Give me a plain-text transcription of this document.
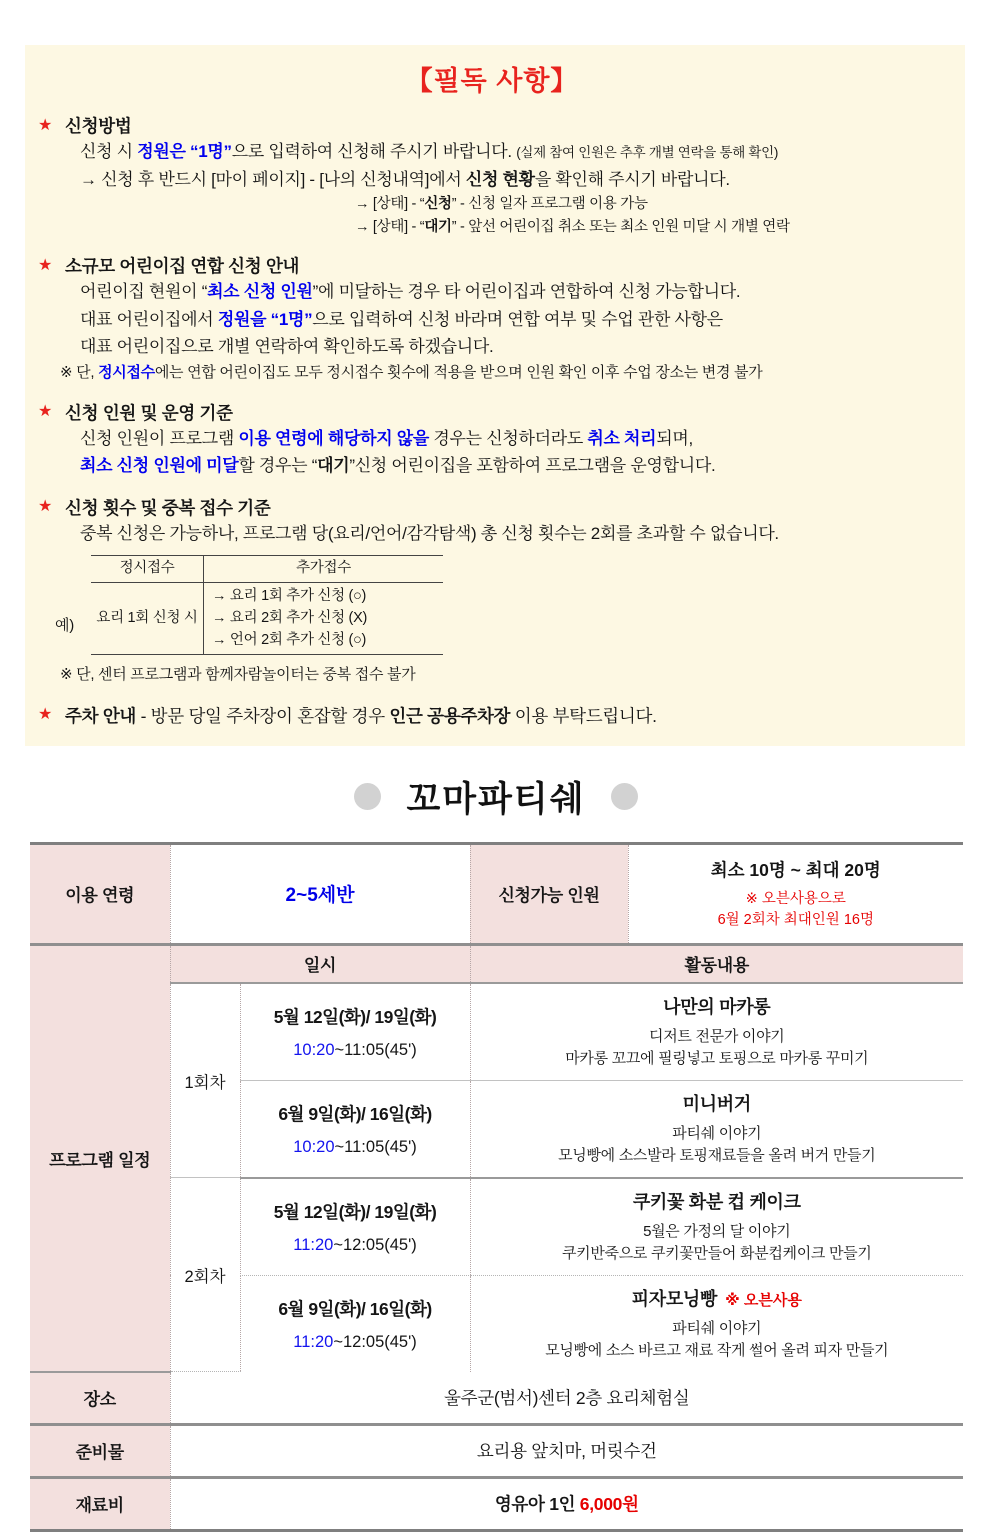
【필독 사항】
★ 신청방법
신청 시 정원은 “1명”으로 입력하여 신청해 주시기 바랍니다. (실제 참여 인원은 추후 개별 연락을 통해 확인)
→ 신청 후 반드시 [마이 페이지] - [나의 신청내역]에서 신청 현황을 확인해 주시기 바랍니다.
→ [상태] - “신청” - 신청 일자 프로그램 이용 가능
→ [상태] - “대기” - 앞선 어린이집 취소 또는 최소 인원 미달 시 개별 연락
★ 소규모 어린이집 연합 신청 안내
어린이집 현원이 “최소 신청 인원”에 미달하는 경우 타 어린이집과 연합하여 신청 가능합니다.
대표 어린이집에서 정원을 “1명”으로 입력하여 신청 바라며 연합 여부 및 수업 관한 사항은
대표 어린이집으로 개별 연락하여 확인하도록 하겠습니다.
※ 단, 정시접수에는 연합 어린이집도 모두 정시접수 횟수에 적용을 받으며 인원 확인 이후 수업 장소는 변경 불가
★ 신청 인원 및 운영 기준
신청 인원이 프로그램 이용 연령에 해당하지 않을 경우는 신청하더라도 취소 처리되며,
최소 신청 인원에 미달할 경우는 “대기”신청 어린이집을 포함하여 프로그램을 운영합니다.
★ 신청 횟수 및 중복 접수 기준
중복 신청은 가능하나, 프로그램 당(요리/언어/감각탐색) 총 신청 횟수는 2회를 초과할 수 없습니다.
정시접수	추가접수
예)	요리 1회 신청 시
→ 요리 1회 추가 신청 (○)
→ 요리 2회 추가 신청 (X)
→ 언어 2회 추가 신청 (○)
※ 단, 센터 프로그램과 함께자람놀이터는 중복 접수 불가
★ 주차 안내 - 방문 당일 주차장이 혼잡할 경우 인근 공용주차장 이용 부탁드립니다.
꼬마파티쉐
이용 연령	2~5세반		신청가능 인원	최소 10명 ~ 최대 20명
※ 오븐사용으로
6월 2회차 최대인원 16명

프로그램 일정	일시		활동내용	
1회차	
5월 12일(화)/ 19일(화)
10:20~11:05(45')

나만의 마카롱
디저트 전문가 이야기
마카롱 꼬끄에 필링넣고 토핑으로 마카롱 꾸미기

6월 9일(화)/ 16일(화)
10:20~11:05(45')

미니버거
파티쉐 이야기
모닝빵에 소스발라 토핑재료들을 올려 버거 만들기

2회차	
5월 12일(화)/ 19일(화)
11:20~12:05(45')

쿠키꽃 화분 컵 케이크
5월은 가정의 달 이야기
쿠키반죽으로 쿠키꽃만들어 화분컵케이크 만들기

6월 9일(화)/ 16일(화)
11:20~12:05(45')

피자모닝빵 ※ 오븐사용
파티쉐 이야기
모닝빵에 소스 바르고 재료 작게 썰어 올려 피자 만들기

장소	울주군(범서)센터 2층 요리체험실			
준비물	요리용 앞치마, 머릿수건			
재료비	영유아 1인 6,000원			
